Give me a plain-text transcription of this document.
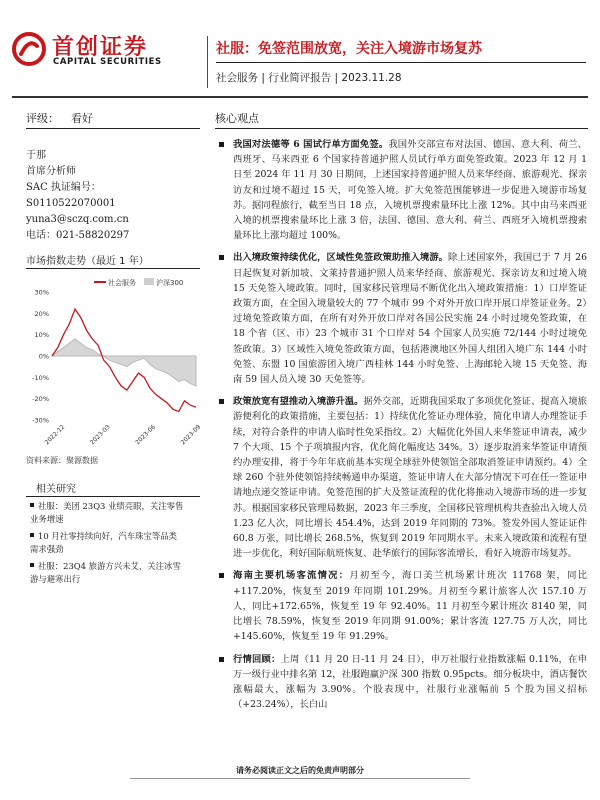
首创证券
CAPITAL SECURITIES
社服：免签范围放宽，关注入境游市场复苏
社会服务 | 行业简评报告 | 2023.11.28
评级： 看好	核心观点
于那
首席分析师
SAC 执证编号：
S0110522070001
yuna3@sczq.com.cn
电话：021-58820297
市场指数走势（最近 1 年）
30%
20%
10%
0%
-10%
-20%
-30%
2022-12	2023-03	2023-06	2023-09
社会服务	沪深300
资料来源：聚源数据
相关研究
社服：美团 23Q3 业绩亮眼，关注零售业务增速
10 月社零持续向好，汽车珠宝等品类需求强劲
社服：23Q4 旅游方兴未艾，关注冰雪游与避寒出行
我国对法德等 6 国试行单方面免签。我国外交部宣布对法国、德国、意大利、荷兰、西班牙、马来西亚 6 个国家持普通护照人员试行单方面免签政策。2023 年 12 月 1 日至 2024 年 11 月 30 日期间，上述国家持普通护照人员来华经商、旅游观光、探亲访友和过境不超过 15 天，可免签入境。扩大免签范围能够进一步促进入境游市场复苏。据同程旅行，截至当日 18 点，入境机票搜索量环比上涨 12%。其中由马来西亚入境的机票搜索量环比上涨 3 倍，法国、德国、意大利、荷兰、西班牙入境机票搜索量环比上涨均超过 100%。
出入境政策持续优化，区域性免签政策助推入境游。除上述国家外，我国已于 7 月 26 日起恢复对新加坡、文莱持普通护照人员来华经商、旅游观光、探亲访友和过境入境 15 天免签入境政策。同时，国家移民管理局不断优化出入境政策措施：1）口岸签证政策方面，在全国入境量较大的 77 个城市 99 个对外开放口岸开展口岸签证业务。2）过境免签政策方面，在所有对外开放口岸对各国公民实施 24 小时过境免签政策，在 18 个省（区、市）23 个城市 31 个口岸对 54 个国家人员实施 72/144 小时过境免签政策。3）区域性入境免签政策方面，包括港澳地区外国人组团入境广东 144 小时免签、东盟 10 国旅游团入境广西桂林 144 小时免签、上海邮轮入境 15 天免签、海南 59 国人员入境 30 天免签等。
政策放宽有望推动入境游升温。据外交部，近期我国采取了多项优化签证、提高入境旅游便利化的政策措施，主要包括：1）持续优化签证办理体验，简化申请人办理签证手续，对符合条件的申请人临时性免采指纹。2）大幅优化外国人来华签证申请表，减少 7 个大项、15 个子项填报内容，优化简化幅度达 34%。3）逐步取消来华签证申请预约办理安排，将于今年年底前基本实现全球驻外使领馆全部取消签证申请预约。4）全球 260 个驻外使领馆持续畅通申办渠道，签证申请人在大部分情况下可在任一签证申请地点递交签证申请。免签范围的扩大及签证流程的优化将推动入境游市场的进一步复苏。根据国家移民管理局数据，2023 年三季度，全国移民管理机构共查验出入境人员 1.23 亿人次，同比增长 454.4%，达到 2019 年同期的 73%。签发外国人签证证件 60.8 万张，同比增长 268.5%，恢复到 2019 年同期水平。未来入境政策和流程有望进一步优化，利好国际航班恢复、赴华旅行的国际客流增长，看好入境游市场复苏。
海南主要机场客流情况：月初至今，海口美兰机场累计班次 11768 架，同比+117.20%，恢复至 2019 年同期 101.29%。月初至今累计旅客人次 157.10 万人，同比+172.65%，恢复至 19 年 92.40%。11 月初至今累计班次 8140 架，同比增长 78.59%，恢复至 2019 年同期 91.00%；累计客流 127.75 万人次，同比+145.60%，恢复至 19 年 91.29%。
行情回顾：上周（11 月 20 日-11 月 24 日），申万社服行业指数涨幅 0.11%，在申万一级行业中排名第 12，社服跑赢沪深 300 指数 0.95pcts。细分板块中，酒店餐饮涨幅最大，涨幅为 3.90%。个股表现中，社服行业涨幅前 5 个股为国义招标（+23.24%），长白山
请务必阅读正文之后的免责声明部分
